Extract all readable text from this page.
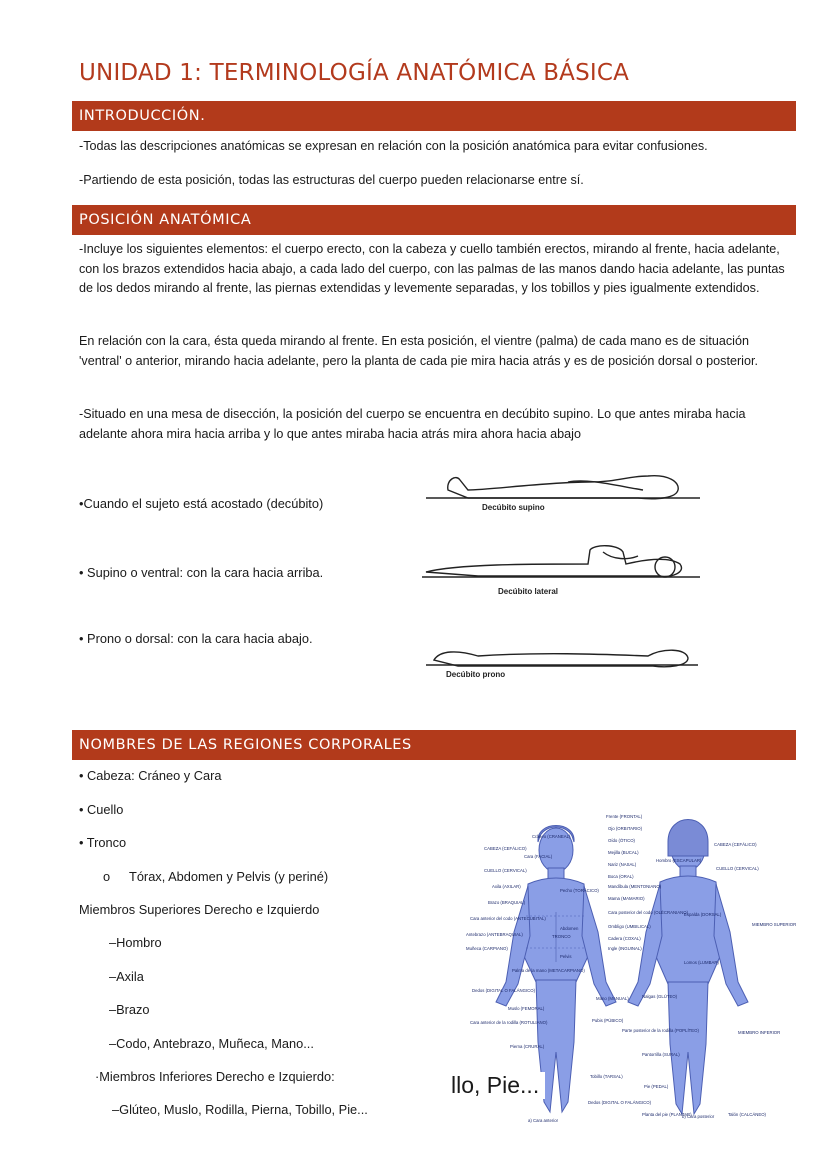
UNIDAD 1: TERMINOLOGÍA ANATÓMICA BÁSICA
INTRODUCCIÓN.
-Todas las descripciones anatómicas se expresan en relación con la posición anatómica para evitar confusiones.
-Partiendo de esta posición, todas las estructuras del cuerpo pueden relacionarse entre sí.
POSICIÓN ANATÓMICA
-Incluye los siguientes elementos: el cuerpo erecto, con la cabeza y cuello también erectos, mirando al frente, hacia adelante, con los brazos extendidos hacia abajo, a cada lado del cuerpo, con las palmas de las manos dando hacia adelante, las puntas de los dedos mirando al frente, las piernas extendidas y levemente separadas, y los tobillos y pies igualmente extendidos.
En relación con la cara, ésta queda mirando al frente. En esta posición, el vientre (palma) de cada mano es de situación 'ventral' o anterior, mirando hacia adelante, pero la planta de cada pie mira hacia atrás y es de posición dorsal o posterior.
-Situado en una mesa de disección, la posición del cuerpo se encuentra en decúbito supino. Lo que antes miraba hacia adelante ahora mira hacia arriba y lo que antes miraba hacia atrás mira ahora hacia abajo
•Cuando el sujeto está acostado (decúbito)
• Supino o ventral: con la cara hacia arriba.
• Prono o dorsal: con la cara hacia abajo.
Decúbito supino
Decúbito lateral
Decúbito prono
NOMBRES DE LAS REGIONES CORPORALES
• Cabeza: Cráneo y Cara
• Cuello
• Tronco
o Tórax, Abdomen y Pelvis (y periné)
Miembros Superiores Derecho e Izquierdo
–Hombro
–Axila
–Brazo
–Codo, Antebrazo, Muñeca, Mano...
·Miembros Inferiores Derecho e Izquierdo:
–Glúteo, Muslo, Rodilla, Pierna, Tobillo, Pie...
Cráneo (CRANEAL)
CABEZA (CEFÁLICO)
Cara (FACIAL)
CUELLO (CERVICAL)
Axila (AXILAR)
Brazo (BRAQUIAL)
Cara anterior del codo (ANTECUBITAL)
Antebrazo (ANTEBRAQUIAL)
Muñeca (CARPIANO)
Palma de la mano (METACARPIANO)
Dedos (DIGITAL O FALÁNGICO)
Muslo (FEMORAL)
Cara anterior de la rodilla (ROTULIANO)
Pierna (CRURAL)
Pecho (TORÁCICO)
Abdomen
Pelvis
TRONCO
Frente (FRONTAL)
Ojo (ORBITARIO)
Oído (ÓTICO)
Mejilla (BUCAL)
Nariz (NASAL)
Boca (ORAL)
Mandíbula (MENTONIANO)
Mama (MAMARIO)
Cara posterior del codo (OLÉCRANIANO)
Ombligo (UMBILICAL)
Cadera (COXAL)
Ingle (INGUINAL)
Mano (MANUAL)
Pubis (PÚBICO)
Tobillo (TARSAL)
Dedos (DIGITAL O FALÁNGICO)
CABEZA (CEFÁLICO)
Hombro (ESCAPULAR)
CUELLO (CERVICAL)
Espalda (DORSAL)
MIEMBRO SUPERIOR
Lomos (LUMBAR)
Nalgas (GLÚTEO)
Parte posterior de la rodilla (POPLÍTEO)	MIEMBRO INFERIOR
Pantorrilla (SURAL)
Pie (PEDAL)
Planta del pie (PLANTAR)	Talón (CALCÁNEO)
a) Cara anterior
b) Cara posterior
llo, Pie...
